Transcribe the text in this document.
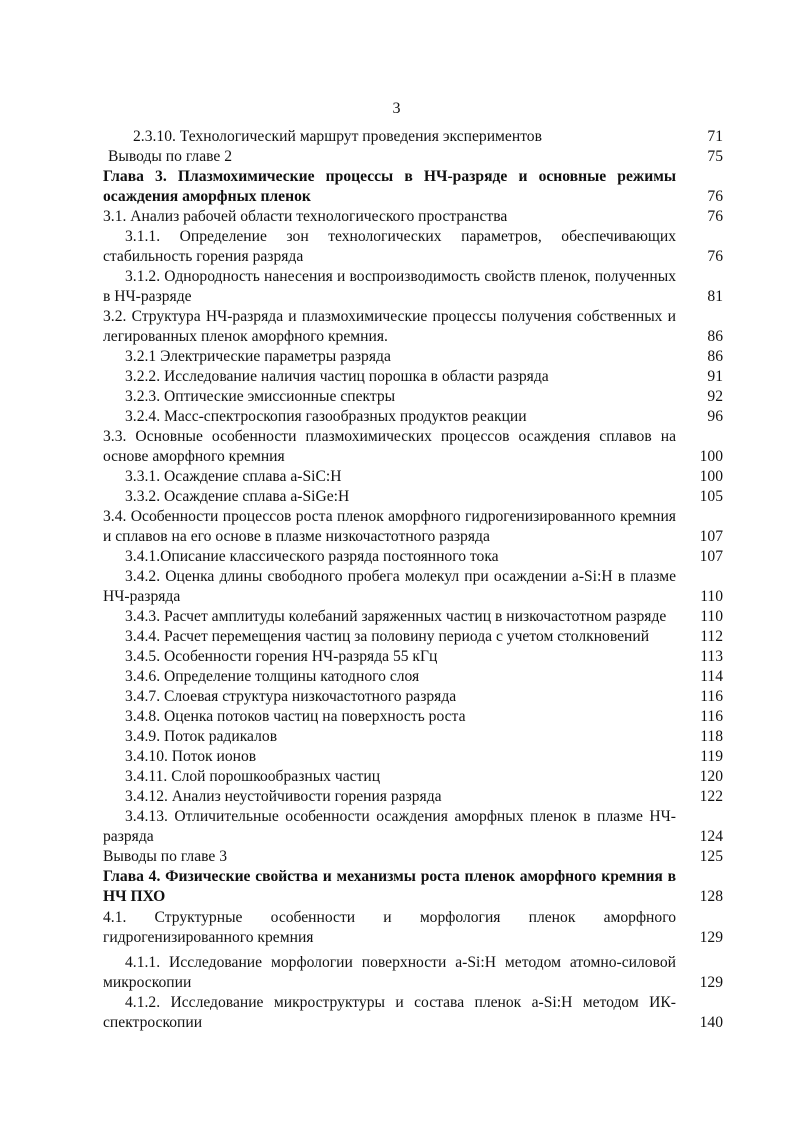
3
2.3.10. Технологический маршрут проведения экспериментов	71
Выводы по главе 2	75
Глава 3. Плазмохимические процессы в НЧ-разряде и основные режимы осаждения аморфных пленок	76
3.1. Анализ рабочей области технологического пространства	76
3.1.1. Определение зон технологических параметров, обеспечивающих стабильность горения разряда	76
3.1.2. Однородность нанесения и воспроизводимость свойств пленок, полученных в НЧ-разряде	81
3.2. Структура НЧ-разряда и плазмохимические процессы получения собственных и легированных пленок аморфного кремния.	86
3.2.1 Электрические параметры разряда	86
3.2.2. Исследование наличия частиц порошка в области разряда	91
3.2.3. Оптические эмиссионные спектры	92
3.2.4. Масс-спектроскопия газообразных продуктов реакции	96
3.3. Основные особенности плазмохимических процессов осаждения сплавов на основе аморфного кремния	100
3.3.1. Осаждение сплава a-SiC:H	100
3.3.2. Осаждение сплава a-SiGe:H	105
3.4. Особенности процессов роста пленок аморфного гидрогенизированного кремния и сплавов на его основе в плазме низкочастотного разряда	107
3.4.1.Описание классического разряда постоянного тока	107
3.4.2. Оценка длины свободного пробега молекул при осаждении a-Si:H в плазме НЧ-разряда	110
3.4.3. Расчет амплитуды колебаний заряженных частиц в низкочастотном разряде	110
3.4.4. Расчет перемещения частиц за половину периода с учетом столкновений	112
3.4.5. Особенности горения НЧ-разряда 55 кГц	113
3.4.6. Определение толщины катодного слоя	114
3.4.7. Слоевая структура низкочастотного разряда	116
3.4.8. Оценка потоков частиц на поверхность роста	116
3.4.9. Поток радикалов	118
3.4.10. Поток ионов	119
3.4.11. Слой порошкообразных частиц	120
3.4.12. Анализ неустойчивости горения разряда	122
3.4.13. Отличительные особенности осаждения аморфных пленок в плазме НЧ-разряда	124
Выводы по главе 3	125
Глава 4. Физические свойства и механизмы роста пленок аморфного кремния в НЧ ПХО	128
4.1. Структурные особенности и морфология пленок аморфного гидрогенизированного кремния	129
4.1.1. Исследование морфологии поверхности a-Si:H методом атомно-силовой микроскопии	129
4.1.2. Исследование микроструктуры и состава пленок a-Si:H методом ИК-спектроскопии	140
